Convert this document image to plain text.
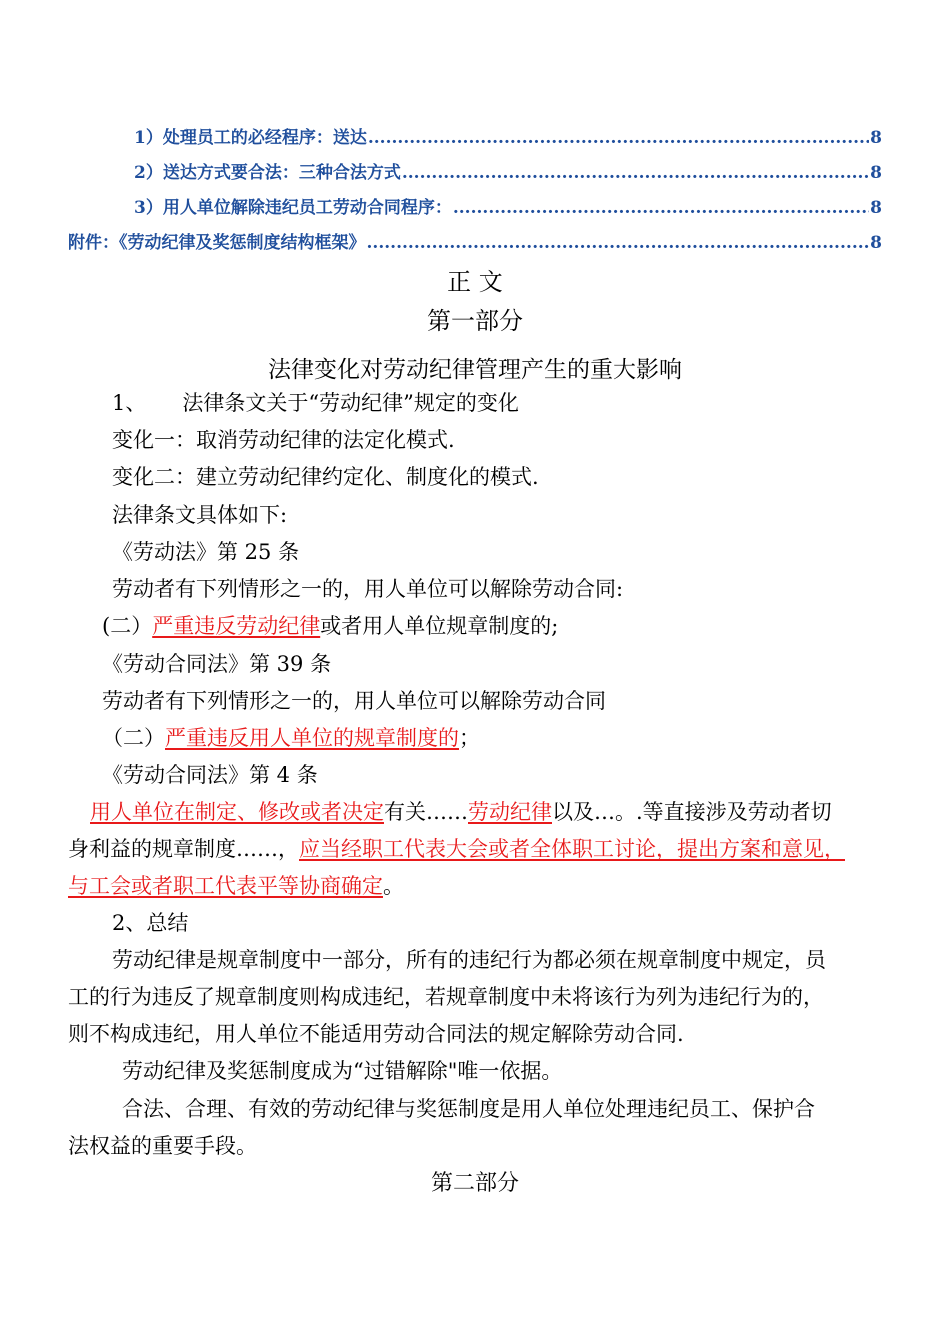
1）处理员工的必经程序：送达 .....	8
2）送达方式要合法：三种合法方式 .....	8
3）用人单位解除违纪员工劳动合同程序： .....	8
附件：《劳动纪律及奖惩制度结构框架》 .....	8
正 文
第一部分
法律变化对劳动纪律管理产生的重大影响
1、 法律条文关于“劳动纪律”规定的变化
变化一：取消劳动纪律的法定化模式.
变化二：建立劳动纪律约定化、制度化的模式.
法律条文具体如下:
《劳动法》第 25 条
劳动者有下列情形之一的，用人单位可以解除劳动合同:
(二）严重违反劳动纪律或者用人单位规章制度的;
《劳动合同法》第 39 条
劳动者有下列情形之一的，用人单位可以解除劳动合同
（二）严重违反用人单位的规章制度的；
《劳动合同法》第 4 条
用人单位在制定、修改或者决定有关……劳动纪律以及…。.等直接涉及劳动者切
身利益的规章制度……，应当经职工代表大会或者全体职工讨论，提出方案和意见，
与工会或者职工代表平等协商确定。
2、总结
劳动纪律是规章制度中一部分，所有的违纪行为都必须在规章制度中规定，员
工的行为违反了规章制度则构成违纪，若规章制度中未将该行为列为违纪行为的，
则不构成违纪，用人单位不能适用劳动合同法的规定解除劳动合同.
劳动纪律及奖惩制度成为“过错解除"唯一依据。
合法、合理、有效的劳动纪律与奖惩制度是用人单位处理违纪员工、保护合
法权益的重要手段。
第二部分
